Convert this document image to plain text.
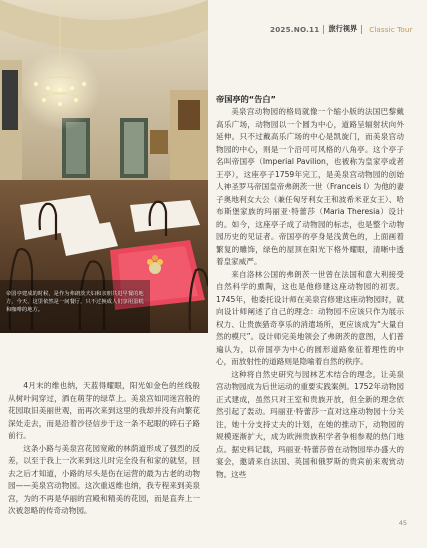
2025.NO.11 旅行视界 Classic Tour
帝国亭建成的时候，是作为弗朗茨夫妇和亲朋共进早餐的地方，今天，这里依然是一间餐厅，只不过换成人们享用蛋糕和咖啡的地方。

4月末的维也纳，天蓝得耀眼，阳光如金色的丝线般从树叶间穿过，洒在萌芽的绿草上。美泉宫如同迷宫般的花园取旧美丽世观，而再次来到这里的我却并没有向繁花深处走去，而是沿着沙径信步于这一条不起眼的碎石子路前行。

这条小路与美泉宫花园宽敞的林荫道形成了强烈的反差，以至于我上一次来到这儿时完全没有和家的就坚，回去之后才知道，小路的尽头是伤在运营的最为古老的动物园——美泉宫动物园。这次重返维也纳，我专程来到美泉宫，为的不再是华丽的宫殿和精美的花园，而是直奔上一次被忽略的传奇动物园。

帝国亭的“告白”

美泉宫动物园的格局就像一个缩小版的法国巴黎戴高乐广场，动物园以一个圆为中心，道路呈辐射状向外延伸。只不过戴高乐广场的中心是凯旋门，而美泉宫动物园的中心，则是一个沿可可风格的八角亭。这个亭子名叫帝国亭（Imperial Pavilion，也被称为皇家亭或者王亭），这座亭子1759年完工，是美泉宫动物园的创始人神圣罗马帝国皇帝弗朗茨一世（Franceis I）为他的妻子奥地利女大公（兼任匈牙利女王和波希米亚女王）、哈布斯堡家族的玛丽亚·特蕾莎（Maria Theresia）设计的。如今，这座亭子成了动物园的标志，也是整个动物园历史的见证者。帝国亭的亭身是浅黄色的，上面画着繁复的雕饰，绿色的屋顶在阳光下格外耀眼，清晰中透着皇家威严。

来自洛林公国的弗朗茨一世曾在法国和意大利接受自然科学的熏陶，这也是他修建这座动物园的初衷。1745年，他委托设计师在美泉宫修建这座动物园时，就向设计师阐述了自己的理念：动物园不应该只作为展示权力、让贵族猎奇享乐的消遣场所，更应该成为“大量自然的模尺”。设计师完美地领会了弗朗茨的意图，人们普遍认为，以帝国亭为中心的圆形道路象征着理性的中心，而放射性的道路则是隐喻着自然的秩序。

这种将自然史研究与园林艺术结合的理念，让美泉宫动物园成为后世运动的重要实践案例。1752年动物园正式建成，虽然只对王室和贵族开放，但全新的理念依然引起了轰动。玛丽亚·特蕾莎一直对这座动物园十分关注，她十分支持丈夫的计划，在她的推动下，动物园的规模逐渐扩大，成为欧洲贵族积学者争相参观的热门地点。据史料记载，玛丽亚·特蕾莎曾在动物园举办盛大的宴会，邀请来自法国、英国和俄罗斯的贵宾前来观赏动物。这些

45
